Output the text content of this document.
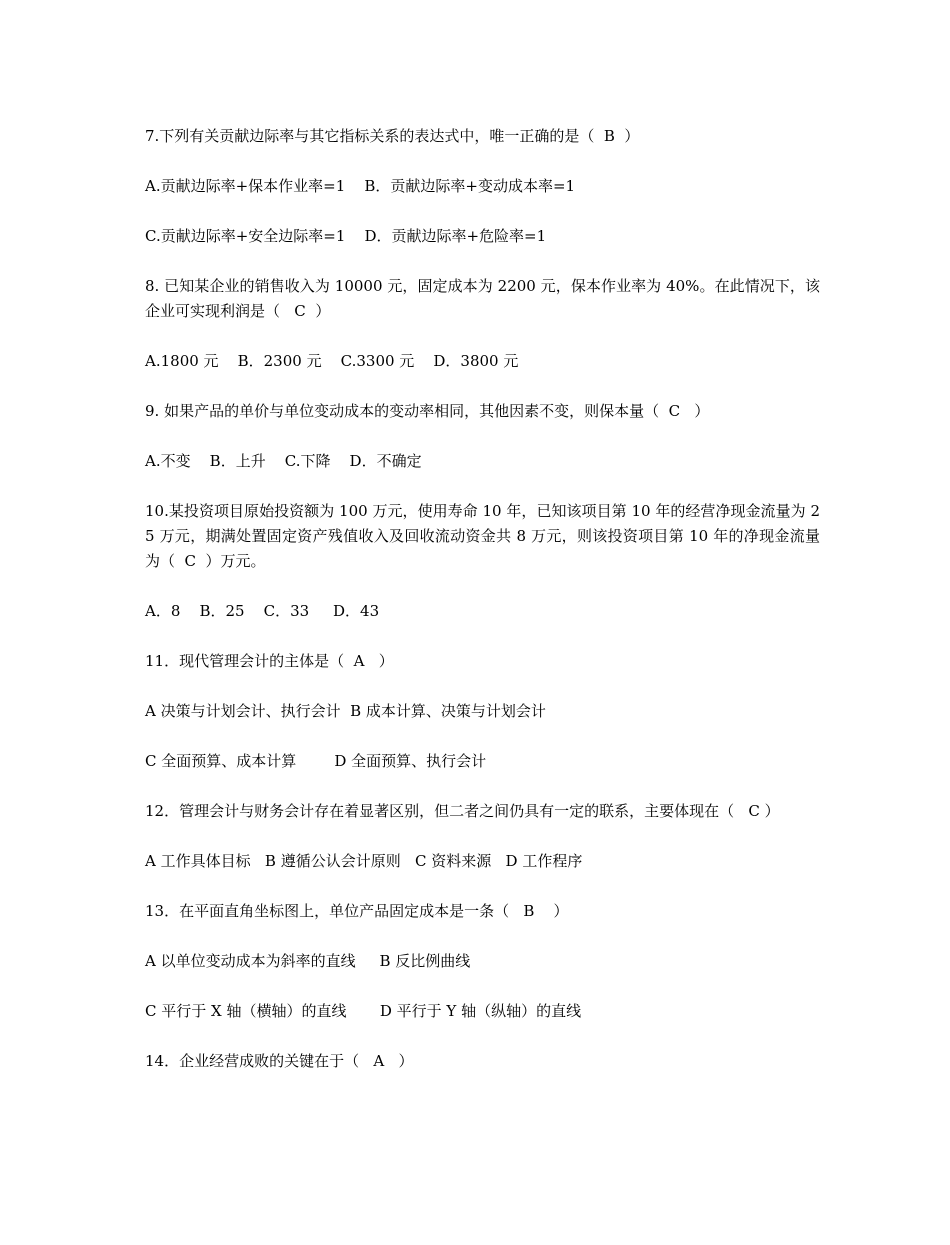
7.下列有关贡献边际率与其它指标关系的表达式中，唯一正确的是（  B  ）

A.贡献边际率+保本作业率=1    B．贡献边际率+变动成本率=1

C.贡献边际率+安全边际率=1    D．贡献边际率+危险率=1

8. 已知某企业的销售收入为 10000 元，固定成本为 2200 元，保本作业率为 40%。在此情况下，该企业可实现利润是（   C  ）

A.1800 元    B．2300 元    C.3300 元    D．3800 元

9. 如果产品的单价与单位变动成本的变动率相同，其他因素不变，则保本量（  C   ）

A.不变    B．上升    C.下降    D．不确定

10.某投资项目原始投资额为 100 万元，使用寿命 10 年，已知该项目第 10 年的经营净现金流量为 25 万元，期满处置固定资产残值收入及回收流动资金共 8 万元，则该投资项目第 10 年的净现金流量为（  C  ）万元。

A．8    B．25    C．33     D．43

11．现代管理会计的主体是（  A   ）

A 决策与计划会计、执行会计  B 成本计算、决策与计划会计

C 全面预算、成本计算        D 全面预算、执行会计

12．管理会计与财务会计存在着显著区别，但二者之间仍具有一定的联系，主要体现在（   C ）

A 工作具体目标   B 遵循公认会计原则   C 资料来源   D 工作程序

13．在平面直角坐标图上，单位产品固定成本是一条（   B    ）

A 以单位变动成本为斜率的直线     B 反比例曲线

C 平行于 X 轴（横轴）的直线       D 平行于 Y 轴（纵轴）的直线

14．企业经营成败的关键在于（   A   ）
